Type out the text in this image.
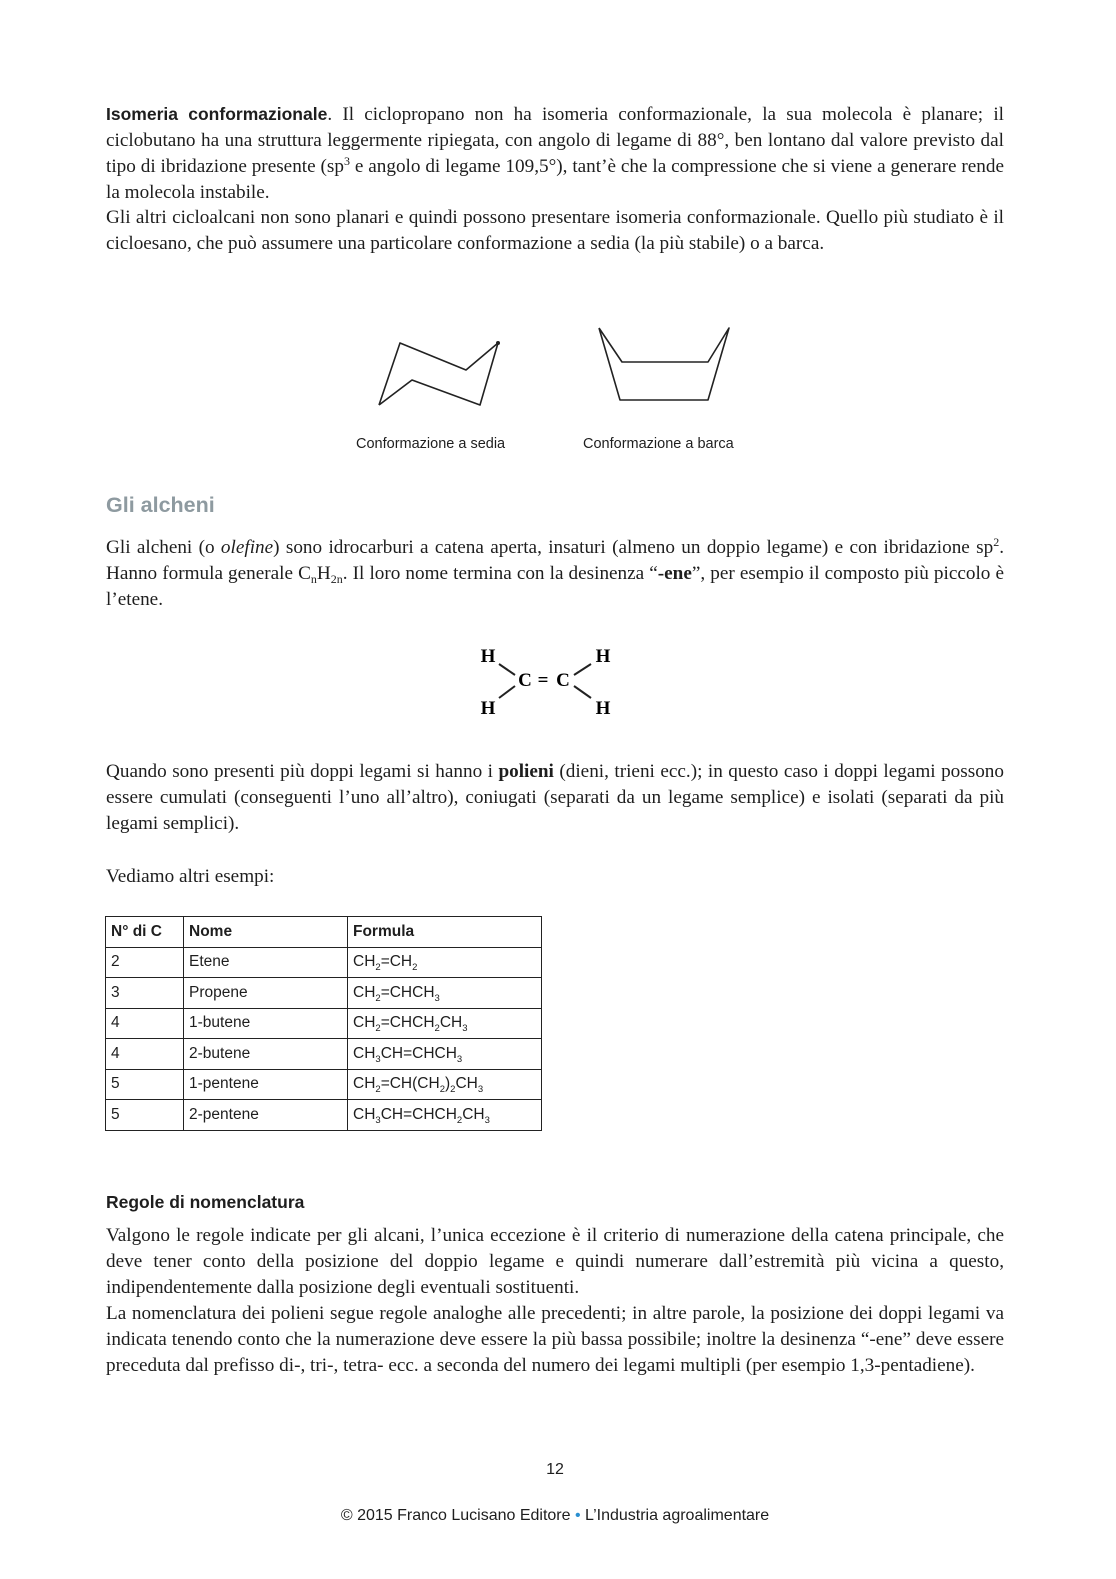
Isomeria conformazionale. Il ciclopropano non ha isomeria conformazionale, la sua molecola è planare; il ciclobutano ha una struttura leggermente ripiegata, con angolo di legame di 88°, ben lontano dal valore previsto dal tipo di ibridazione presente ($sp^3$ e angolo di legame 109,5°), tant’è che la compressione che si viene a generare rende la molecola instabile.

Gli altri cicloalcani non sono planari e quindi possono presentare isomeria conformazionale. Quello più studiato è il cicloesano, che può assumere una particolare conformazione a sedia (la più stabile) o a barca.

Conformazione a sedia	Conformazione a barca
Gli alcheni

Gli alcheni (o olefine) sono idrocarburi a catena aperta, insaturi (almeno un doppio legame) e con ibridazione $sp^2$. Hanno formula generale $C_nH_{2n}$. Il loro nome termina con la desinenza “-ene”, per esempio il composto più piccolo è l’etene.

H	H
H	H
C = C

Quando sono presenti più doppi legami si hanno i polieni (dieni, trieni ecc.); in questo caso i doppi legami possono essere cumulati (conseguenti l’uno all’altro), coniugati (separati da un legame semplice) e isolati (separati da più legami semplici).

Vediamo altri esempi:

N° di C	Nome	Formula
2	Etene	$CH_2=CH_2$
3	Propene	$CH_2=CHCH_3$
4	1-butene	$CH_2=CHCH_2CH_3$
4	2-butene	$CH_3CH=CHCH_3$
5	1-pentene	$CH_2=CH(CH_2)_2CH_3$
5	2-pentene	$CH_3CH=CHCH_2CH_3$
Regole di nomenclatura

Valgono le regole indicate per gli alcani, l’unica eccezione è il criterio di numerazione della catena principale, che deve tener conto della posizione del doppio legame e quindi numerare dall’estremità più vicina a questo, indipendentemente dalla posizione degli eventuali sostituenti.

La nomenclatura dei polieni segue regole analoghe alle precedenti; in altre parole, la posizione dei doppi legami va indicata tenendo conto che la numerazione deve essere la più bassa possibile; inoltre la desinenza “-ene” deve essere preceduta dal prefisso di-, tri-, tetra- ecc. a seconda del numero dei legami multipli (per esempio 1,3-pentadiene).

12
© 2015 Franco Lucisano Editore • L’Industria agroalimentare
